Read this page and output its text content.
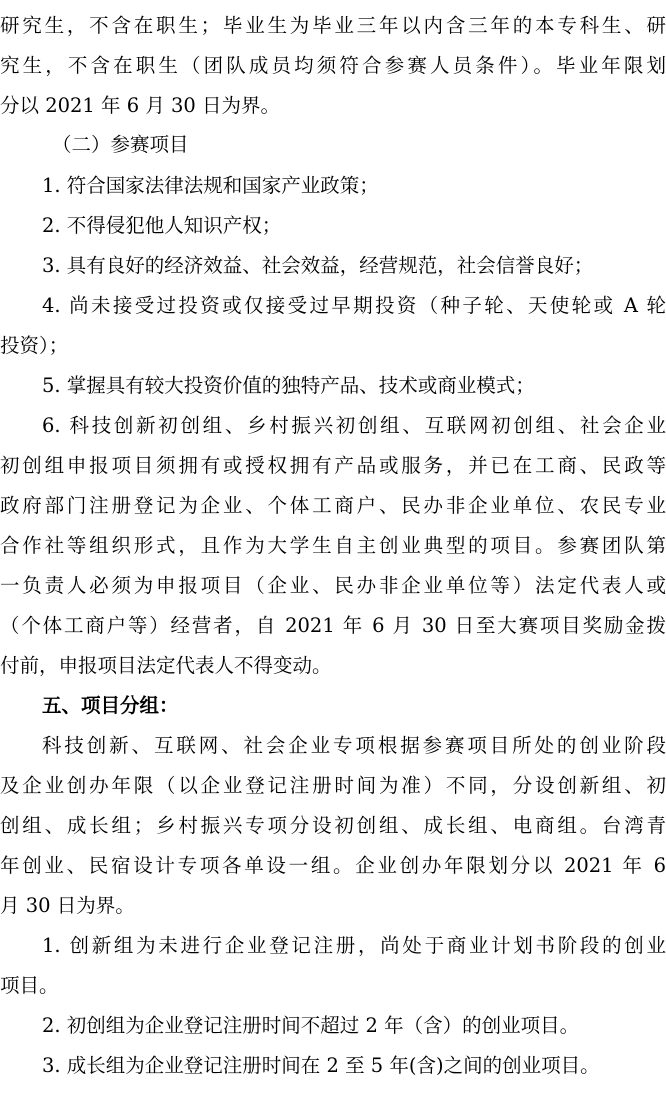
研究生，不含在职生；毕业生为毕业三年以内含三年的本专科生、研
究生，不含在职生（团队成员均须符合参赛人员条件）。毕业年限划
分以 2021 年 6 月 30 日为界。
（二）参赛项目
1. 符合国家法律法规和国家产业政策；
2. 不得侵犯他人知识产权；
3. 具有良好的经济效益、社会效益，经营规范，社会信誉良好；
4. 尚未接受过投资或仅接受过早期投资（种子轮、天使轮或 A 轮
投资）；
5. 掌握具有较大投资价值的独特产品、技术或商业模式；
6. 科技创新初创组、乡村振兴初创组、互联网初创组、社会企业
初创组申报项目须拥有或授权拥有产品或服务，并已在工商、民政等
政府部门注册登记为企业、个体工商户、民办非企业单位、农民专业
合作社等组织形式，且作为大学生自主创业典型的项目。参赛团队第
一负责人必须为申报项目（企业、民办非企业单位等）法定代表人或
（个体工商户等）经营者，自 2021 年 6 月 30 日至大赛项目奖励金拨
付前，申报项目法定代表人不得变动。
五、项目分组：
科技创新、互联网、社会企业专项根据参赛项目所处的创业阶段
及企业创办年限（以企业登记注册时间为准）不同，分设创新组、初
创组、成长组；乡村振兴专项分设初创组、成长组、电商组。台湾青
年创业、民宿设计专项各单设一组。企业创办年限划分以 2021 年 6
月 30 日为界。
1. 创新组为未进行企业登记注册，尚处于商业计划书阶段的创业
项目。
2. 初创组为企业登记注册时间不超过 2 年（含）的创业项目。
3. 成长组为企业登记注册时间在 2 至 5 年(含)之间的创业项目。
